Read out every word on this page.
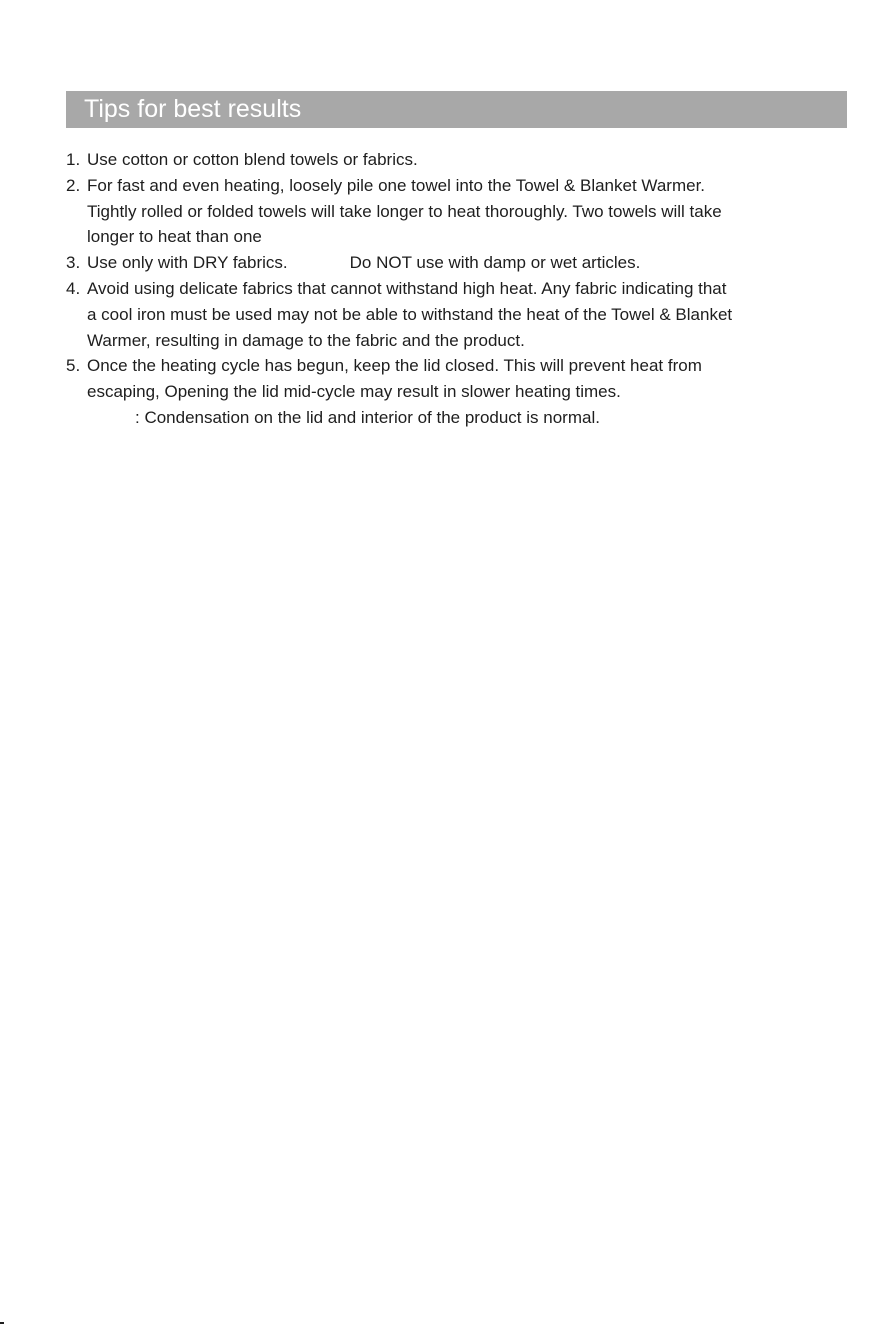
Tips for best results
1. Use cotton or cotton blend towels or fabrics.
2. For fast and even heating, loosely pile one towel into the Towel & Blanket Warmer.
Tightly rolled or folded towels will take longer to heat thoroughly. Two towels will take
longer to heat than one
3. Use only with DRY fabrics.	Do NOT use with damp or wet articles.
4. Avoid using delicate fabrics that cannot withstand high heat. Any fabric indicating that
a cool iron must be used may not be able to withstand the heat of the Towel & Blanket
Warmer, resulting in damage to the fabric and the product.
5. Once the heating cycle has begun, keep the lid closed. This will prevent heat from
escaping, Opening the lid mid-cycle may result in slower heating times.
: Condensation on the lid and interior of the product is normal.
